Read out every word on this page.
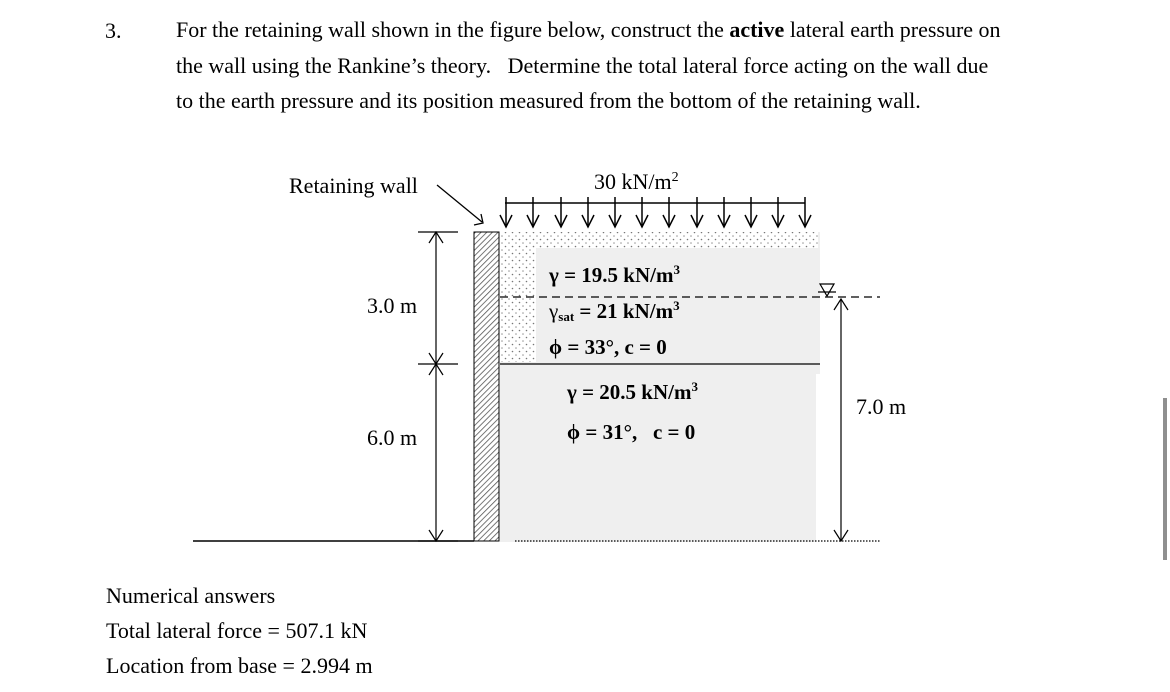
3. For the retaining wall shown in the figure below, construct the active lateral earth pressure on
the wall using the Rankine’s theory.   Determine the total lateral force acting on the wall due
to the earth pressure and its position measured from the bottom of the retaining wall.
Retaining wall	30 $kN/m^2$
3.0 m
6.0 m
7.0 m
γ = 19.5 $kN/m^3$
γsat = 21 $kN/m^3$
ϕ = 33°, c = 0
γ = 20.5 $kN/m^3$
ϕ = 31°,   c = 0
Numerical answers
Total lateral force = 507.1 kN
Location from base = 2.994 m
